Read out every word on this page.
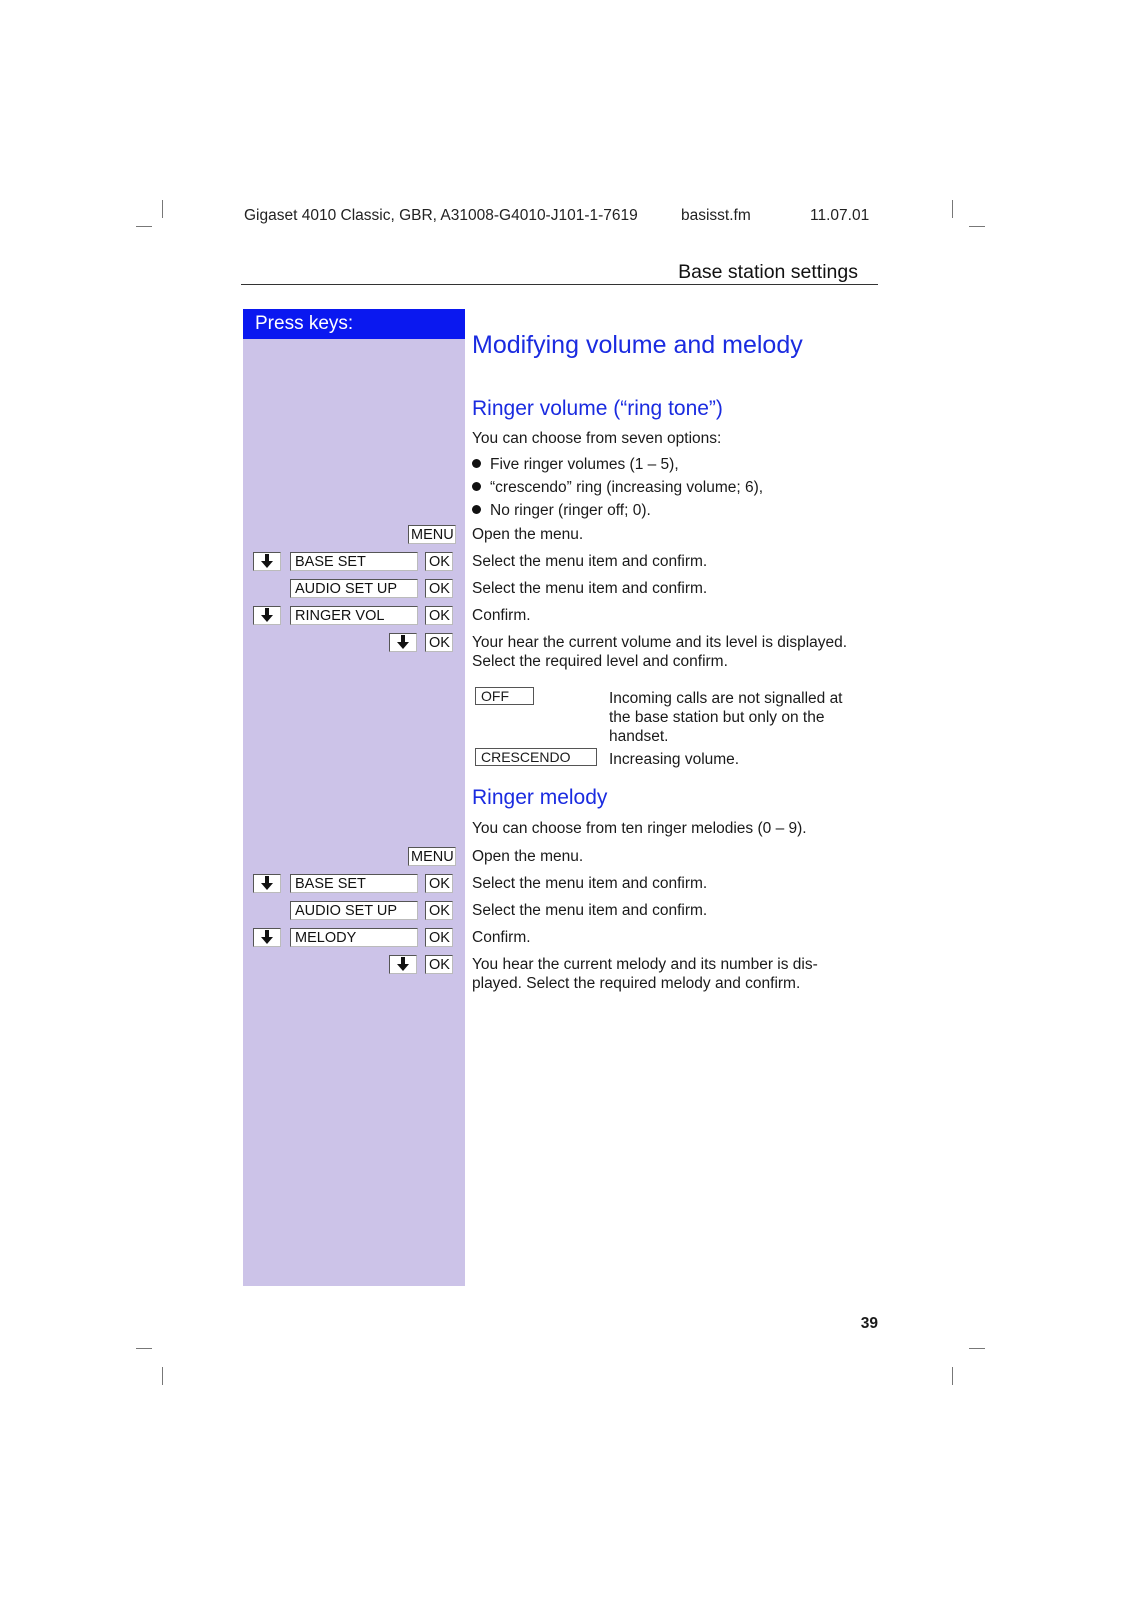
Gigaset 4010 Classic, GBR, A31008-G4010-J101-1-7619	basisst.fm	11.07.01
Base station settings
Press keys:
Modifying volume and melody
Ringer volume (“ring tone”)
You can choose from seven options:
Five ringer volumes (1 – 5),
“crescendo” ring (increasing volume; 6),
No ringer (ringer off; 0).
MENU Open the menu.
BASE SET	OK Select the menu item and confirm.
AUDIO SET UP	OK Select the menu item and confirm.
RINGER VOL	OK Confirm.
OK Your hear the current volume and its level is displayed. Select the required level and confirm.
OFF	Incoming calls are not signalled at the base station but only on the handset.
CRESCENDO	Increasing volume.
Ringer melody
You can choose from ten ringer melodies (0 – 9).
MENU Open the menu.
BASE SET	OK Select the menu item and confirm.
AUDIO SET UP	OK Select the menu item and confirm.
MELODY	OK Confirm.
OK You hear the current melody and its number is dis-played. Select the required melody and confirm.
39
